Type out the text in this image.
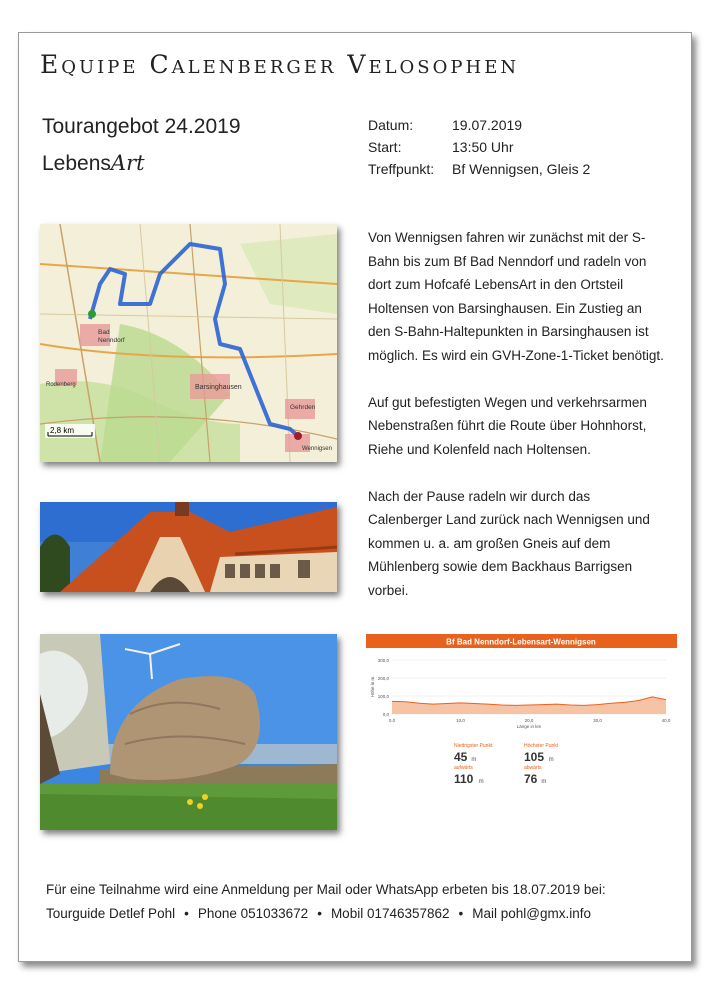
Equipe Calenberger Velosophen
Tourangebot 24.2019
LebensArt
Datum:	19.07.2019
Start:	13:50 Uhr
Treffpunkt:	Bf Wennigsen, Gleis 2
Bad
Nenndorf
Rodenberg	Barsinghausen
Gehrden
Wennigsen
2,8 km
Bf Bad Nenndorf-Lebensart-Wennigsen
0,0
100,0
200,0
300,0
0,0	10,0	20,0	30,0	40,0
Länge in km
Höhe in m
Niedrigster Punkt
45 m
aufwärts
110 m
Höchster Punkt
105 m
abwärts
76 m

Von Wennigsen fahren wir zunächst mit der S-Bahn bis zum Bf Bad Nenndorf und radeln von dort zum Hofcafé LebensArt in den Ortsteil Holtensen von Barsinghausen. Ein Zustieg an den S-Bahn-Haltepunkten in Barsinghausen ist möglich. Es wird ein GVH-Zone-1-Ticket benötigt.

Auf gut befestigten Wegen und verkehrsarmen Nebenstraßen führt die Route über Hohnhorst, Riehe und Kolenfeld nach Holtensen.

Nach der Pause radeln wir durch das Calenberger Land zurück nach Wennigsen und kommen u. a. am großen Gneis auf dem Mühlenberg sowie dem Backhaus Barrigsen vorbei.

Für eine Teilnahme wird eine Anmeldung per Mail oder WhatsApp erbeten bis 18.07.2019 bei:
Tourguide Detlef Pohl • Phone 051033672 • Mobil 01746357862 • Mail pohl@gmx.info
